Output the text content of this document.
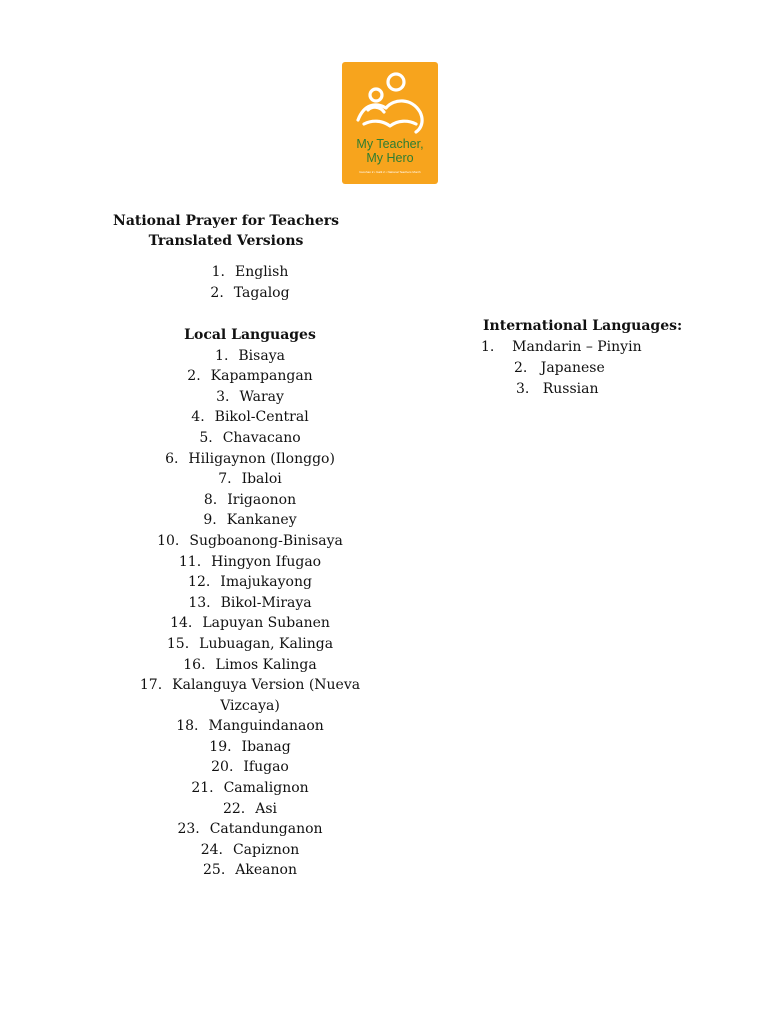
My Teacher,
My Hero
Gurohan 2 • Galit 2 • National Teachers Month
National Prayer for Teachers
Translated Versions
1. English
2. Tagalog
Local Languages
1. Bisaya
2. Kapampangan
3. Waray
4. Bikol-Central
5. Chavacano
6. Hiligaynon (Ilonggo)
7. Ibaloi
8. Irigaonon
9. Kankaney
10. Sugboanong-Binisaya
11. Hingyon Ifugao
12. Imajukayong
13. Bikol-Miraya
14. Lapuyan Subanen
15. Lubuagan, Kalinga
16. Limos Kalinga
17. Kalanguya Version (Nueva
Vizcaya)
18. Manguindanaon
19. Ibanag
20. Ifugao
21. Camalignon
22. Asi
23. Catandunganon
24. Capiznon
25. Akeanon
International Languages:
1. Mandarin – Pinyin
2. Japanese
3. Russian
